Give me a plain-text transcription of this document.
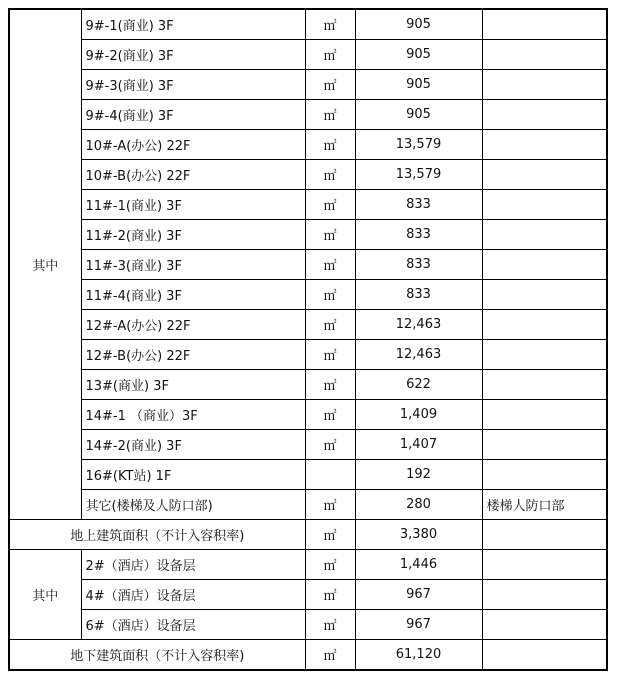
其中	9#-1(商业) 3F	㎡	905	
	9#-2(商业) 3F	㎡	905	
	9#-3(商业) 3F	㎡	905	
	9#-4(商业) 3F	㎡	905	
	10#-A(办公) 22F	㎡	13,579	
	10#-B(办公) 22F	㎡	13,579	
	11#-1(商业) 3F	㎡	833	
	11#-2(商业) 3F	㎡	833	
	11#-3(商业) 3F	㎡	833	
	11#-4(商业) 3F	㎡	833	
	12#-A(办公) 22F	㎡	12,463	
	12#-B(办公) 22F	㎡	12,463	
	13#(商业) 3F	㎡	622	
	14#-1 （商业）3F	㎡	1,409	
	14#-2(商业) 3F	㎡	1,407	
	16#(KT站) 1F		192	
	其它(楼梯及人防口部)	㎡	280	楼梯人防口部
地上建筑面积（不计入容积率)		㎡	3,380	
其中	2#（酒店）设备层	㎡	1,446	
	4#（酒店）设备层	㎡	967	
	6#（酒店）设备层	㎡	967	
地下建筑面积（不计入容积率)		㎡	61,120	
